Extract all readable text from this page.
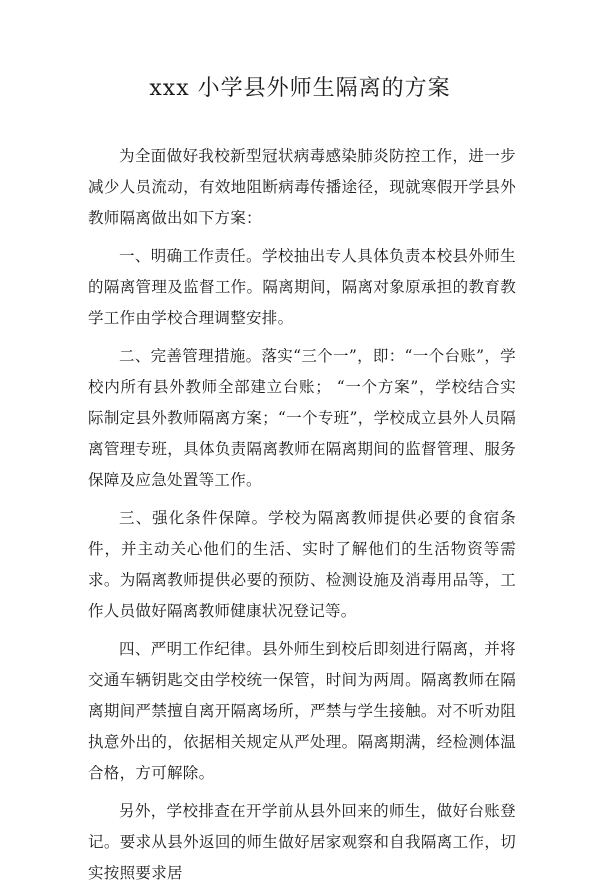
xxx 小学县外师生隔离的方案

为全面做好我校新型冠状病毒感染肺炎防控工作，进一步减少人员流动，有效地阻断病毒传播途径，现就寒假开学县外教师隔离做出如下方案：

一、明确工作责任。学校抽出专人具体负责本校县外师生的隔离管理及监督工作。隔离期间，隔离对象原承担的教育教学工作由学校合理调整安排。

二、完善管理措施。落实“三个一”，即：“一个台账”，学校内所有县外教师全部建立台账； “一个方案”，学校结合实际制定县外教师隔离方案；“一个专班”，学校成立县外人员隔离管理专班，具体负责隔离教师在隔离期间的监督管理、服务保障及应急处置等工作。

三、强化条件保障。学校为隔离教师提供必要的食宿条件，并主动关心他们的生活、实时了解他们的生活物资等需求。为隔离教师提供必要的预防、检测设施及消毒用品等，工作人员做好隔离教师健康状况登记等。

四、严明工作纪律。县外师生到校后即刻进行隔离，并将交通车辆钥匙交由学校统一保管，时间为两周。隔离教师在隔离期间严禁擅自离开隔离场所，严禁与学生接触。对不听劝阻执意外出的，依据相关规定从严处理。隔离期满，经检测体温合格，方可解除。

另外，学校排查在开学前从县外回来的师生，做好台账登记。要求从县外返回的师生做好居家观察和自我隔离工作，切实按照要求居
